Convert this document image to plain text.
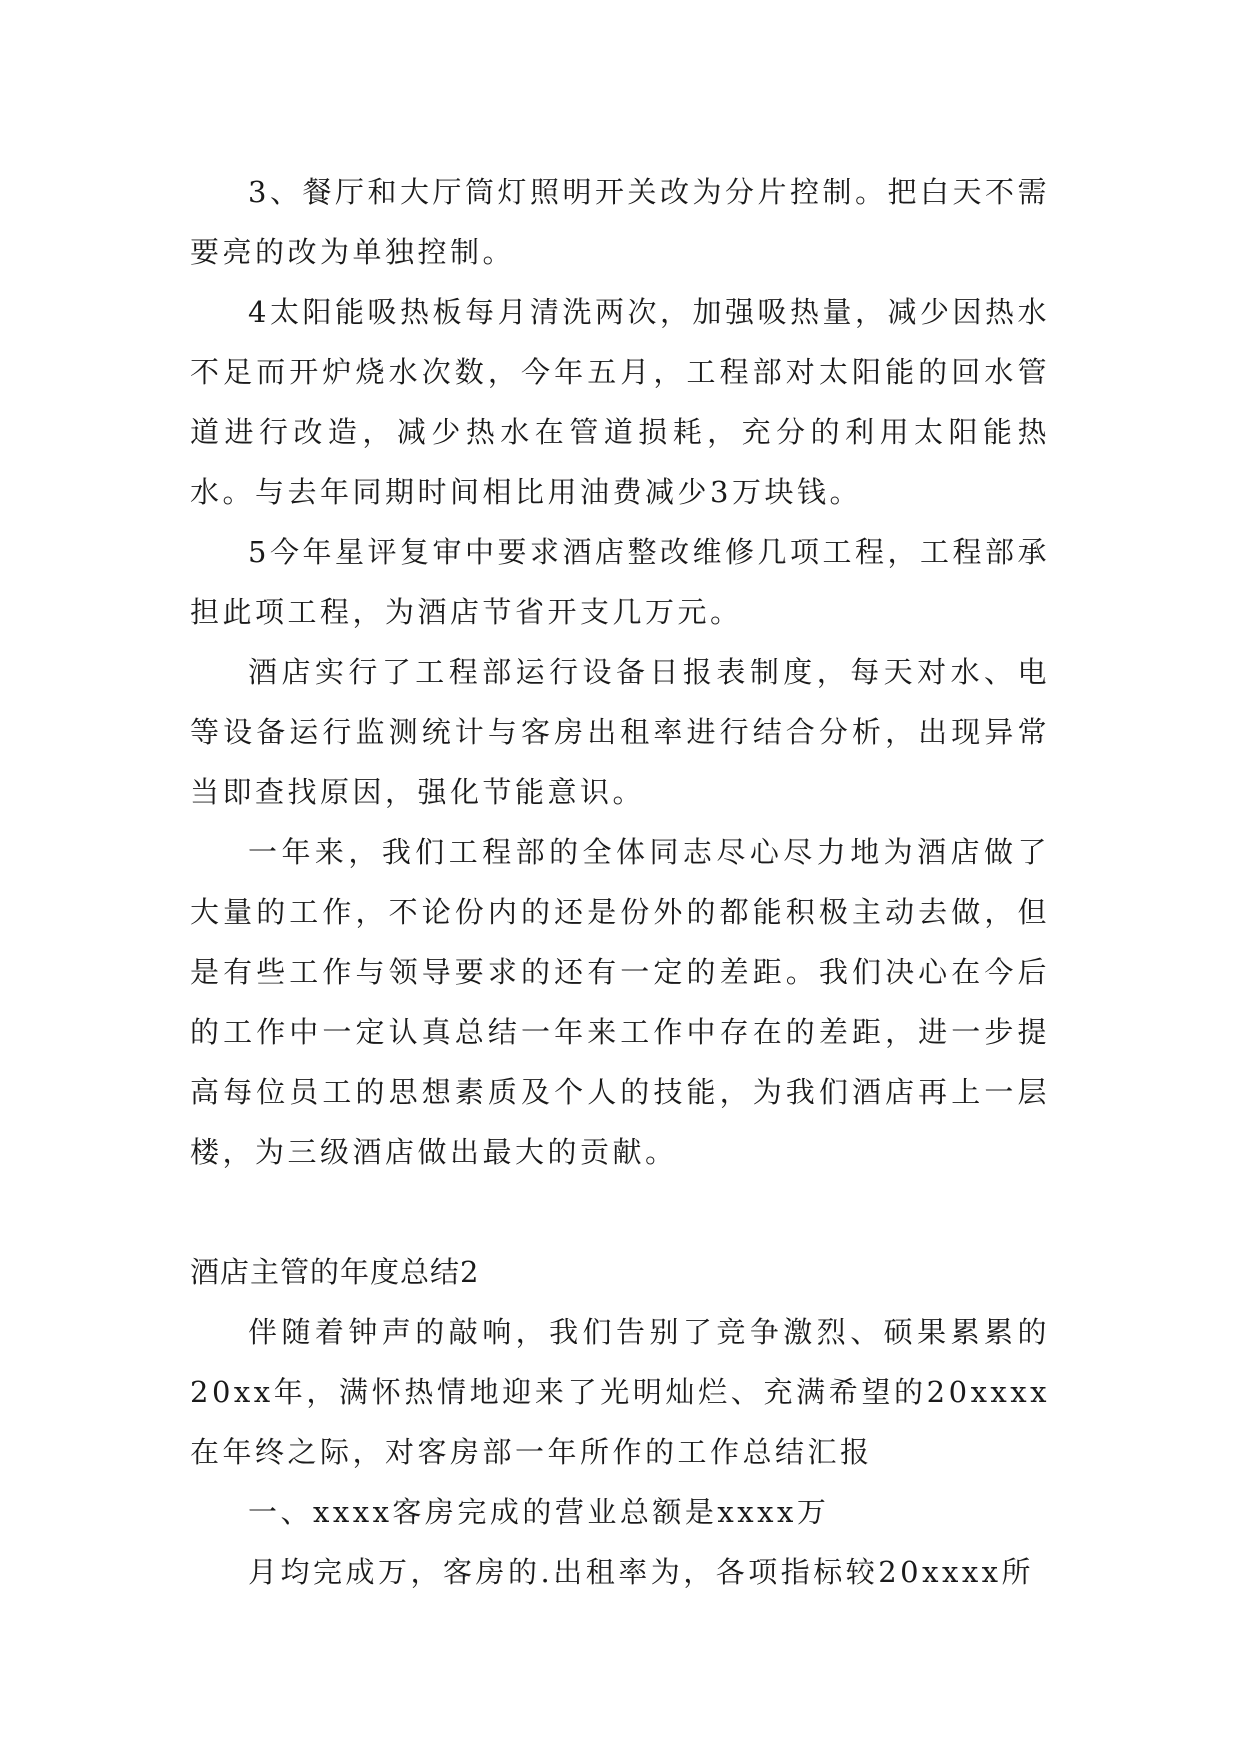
3、餐厅和大厅筒灯照明开关改为分片控制。把白天不需要亮的改为单独控制。

4太阳能吸热板每月清洗两次，加强吸热量，减少因热水不足而开炉烧水次数，今年五月，工程部对太阳能的回水管道进行改造，减少热水在管道损耗，充分的利用太阳能热水。与去年同期时间相比用油费减少3万块钱。

5今年星评复审中要求酒店整改维修几项工程，工程部承担此项工程，为酒店节省开支几万元。

酒店实行了工程部运行设备日报表制度，每天对水、电等设备运行监测统计与客房出租率进行结合分析，出现异常当即查找原因，强化节能意识。

一年来，我们工程部的全体同志尽心尽力地为酒店做了大量的工作，不论份内的还是份外的都能积极主动去做，但是有些工作与领导要求的还有一定的差距。我们决心在今后的工作中一定认真总结一年来工作中存在的差距，进一步提高每位员工的思想素质及个人的技能，为我们酒店再上一层楼，为三级酒店做出最大的贡献。

酒店主管的年度总结2

伴随着钟声的敲响，我们告别了竞争激烈、硕果累累的20xx年，满怀热情地迎来了光明灿烂、充满希望的20xxxx在年终之际，对客房部一年所作的工作总结汇报

一、xxxx客房完成的营业总额是xxxx万

月均完成万，客房的.出租率为，各项指标较20xxxx所
